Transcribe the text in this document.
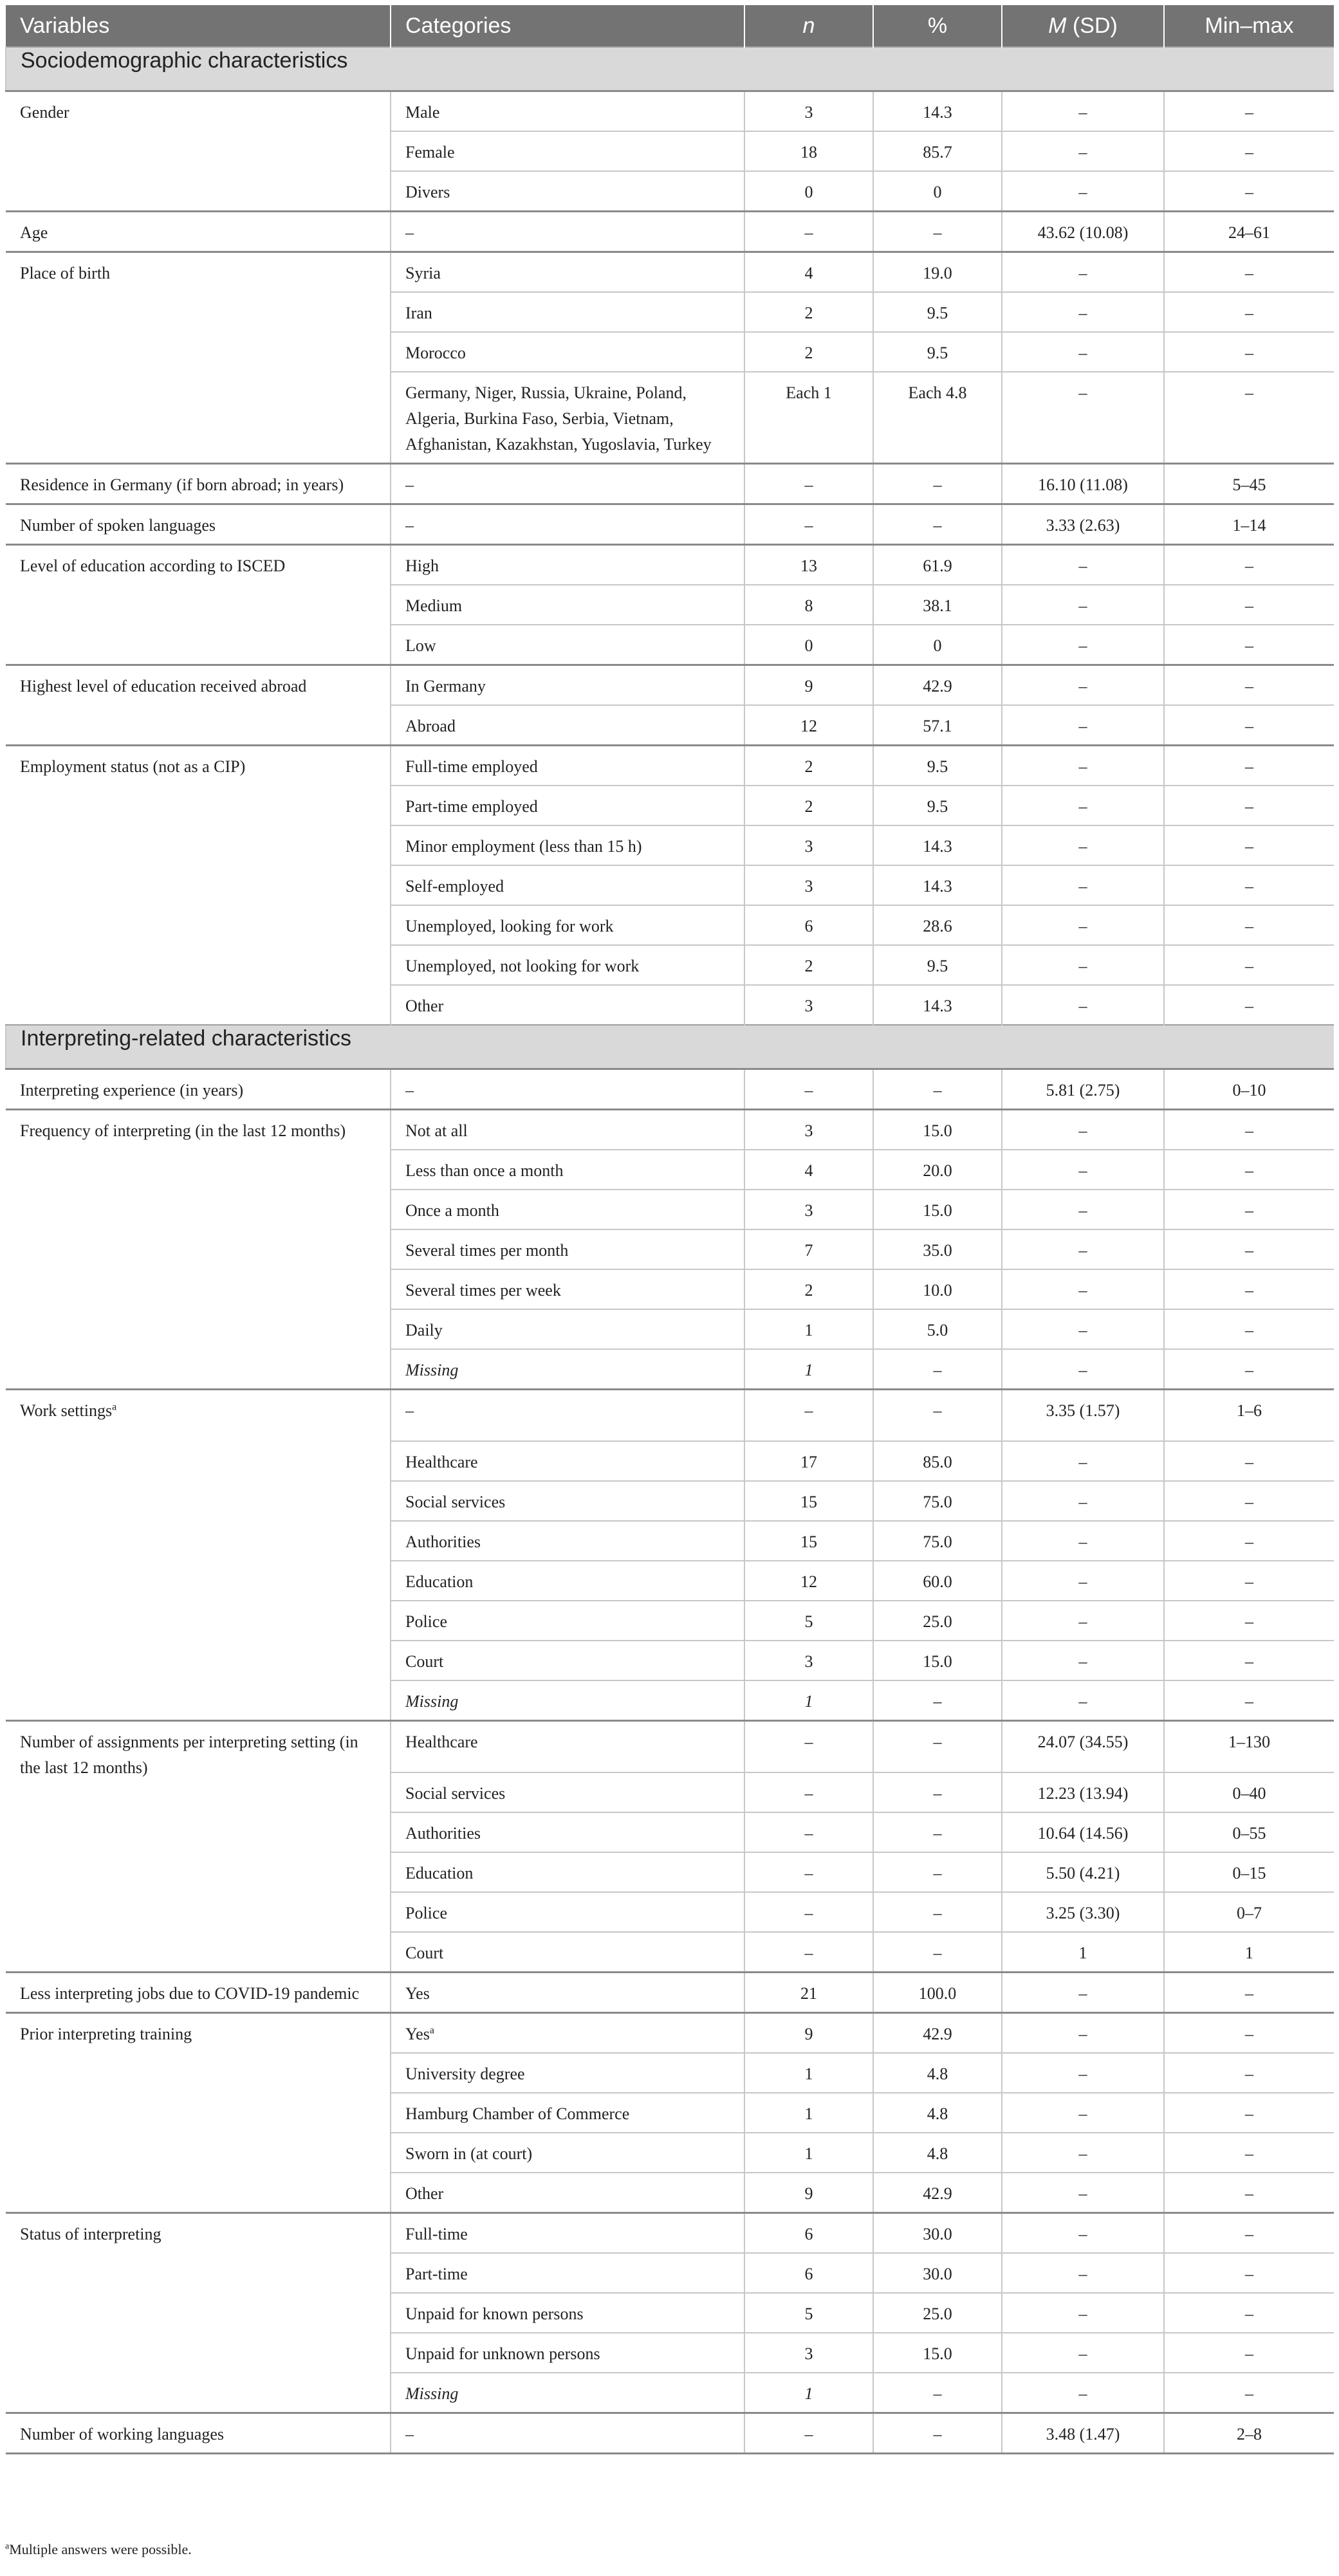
Variables	Categories	n	%	M (SD)	Min–max
Sociodemographic characteristics					
Gender	Male	3	14.3	–	–
	Female	18	85.7	–	–
	Divers	0	0	–	–
Age	–	–	–	43.62 (10.08)	24–61
Place of birth	Syria	4	19.0	–	–
	Iran	2	9.5	–	–
	Morocco	2	9.5	–	–
	Germany, Niger, Russia, Ukraine, Poland, Algeria, Burkina Faso, Serbia, Vietnam, Afghanistan, Kazakhstan, Yugoslavia, Turkey	Each 1	Each 4.8	–	–
Residence in Germany (if born abroad; in years)	–	–	–	16.10 (11.08)	5–45
Number of spoken languages	–	–	–	3.33 (2.63)	1–14
Level of education according to ISCED	High	13	61.9	–	–
	Medium	8	38.1	–	–
	Low	0	0	–	–
Highest level of education received abroad	In Germany	9	42.9	–	–
	Abroad	12	57.1	–	–
Employment status (not as a CIP)	Full-time employed	2	9.5	–	–
	Part-time employed	2	9.5	–	–
	Minor employment (less than 15 h)	3	14.3	–	–
	Self-employed	3	14.3	–	–
	Unemployed, looking for work	6	28.6	–	–
	Unemployed, not looking for work	2	9.5	–	–
	Other	3	14.3	–	–
Interpreting-related characteristics					
Interpreting experience (in years)	–	–	–	5.81 (2.75)	0–10
Frequency of interpreting (in the last 12 months)	Not at all	3	15.0	–	–
	Less than once a month	4	20.0	–	–
	Once a month	3	15.0	–	–
	Several times per month	7	35.0	–	–
	Several times per week	2	10.0	–	–
	Daily	1	5.0	–	–
	Missing	1	–	–	–
Work settings$^a$	–	–	–	3.35 (1.57)	1–6
	Healthcare	17	85.0	–	–
	Social services	15	75.0	–	–
	Authorities	15	75.0	–	–
	Education	12	60.0	–	–
	Police	5	25.0	–	–
	Court	3	15.0	–	–
	Missing	1	–	–	–
Number of assignments per interpreting setting (in the last 12 months)	Healthcare	–	–	24.07 (34.55)	1–130
	Social services	–	–	12.23 (13.94)	0–40
	Authorities	–	–	10.64 (14.56)	0–55
	Education	–	–	5.50 (4.21)	0–15
	Police	–	–	3.25 (3.30)	0–7
	Court	–	–	1	1
Less interpreting jobs due to COVID-19 pandemic	Yes	21	100.0	–	–
Prior interpreting training	Yes$^a$	9	42.9	–	–
	University degree	1	4.8	–	–
	Hamburg Chamber of Commerce	1	4.8	–	–
	Sworn in (at court)	1	4.8	–	–
	Other	9	42.9	–	–
Status of interpreting	Full-time	6	30.0	–	–
	Part-time	6	30.0	–	–
	Unpaid for known persons	5	25.0	–	–
	Unpaid for unknown persons	3	15.0	–	–
	Missing	1	–	–	–
Number of working languages	–	–	–	3.48 (1.47)	2–8
$^a$Multiple answers were possible.
